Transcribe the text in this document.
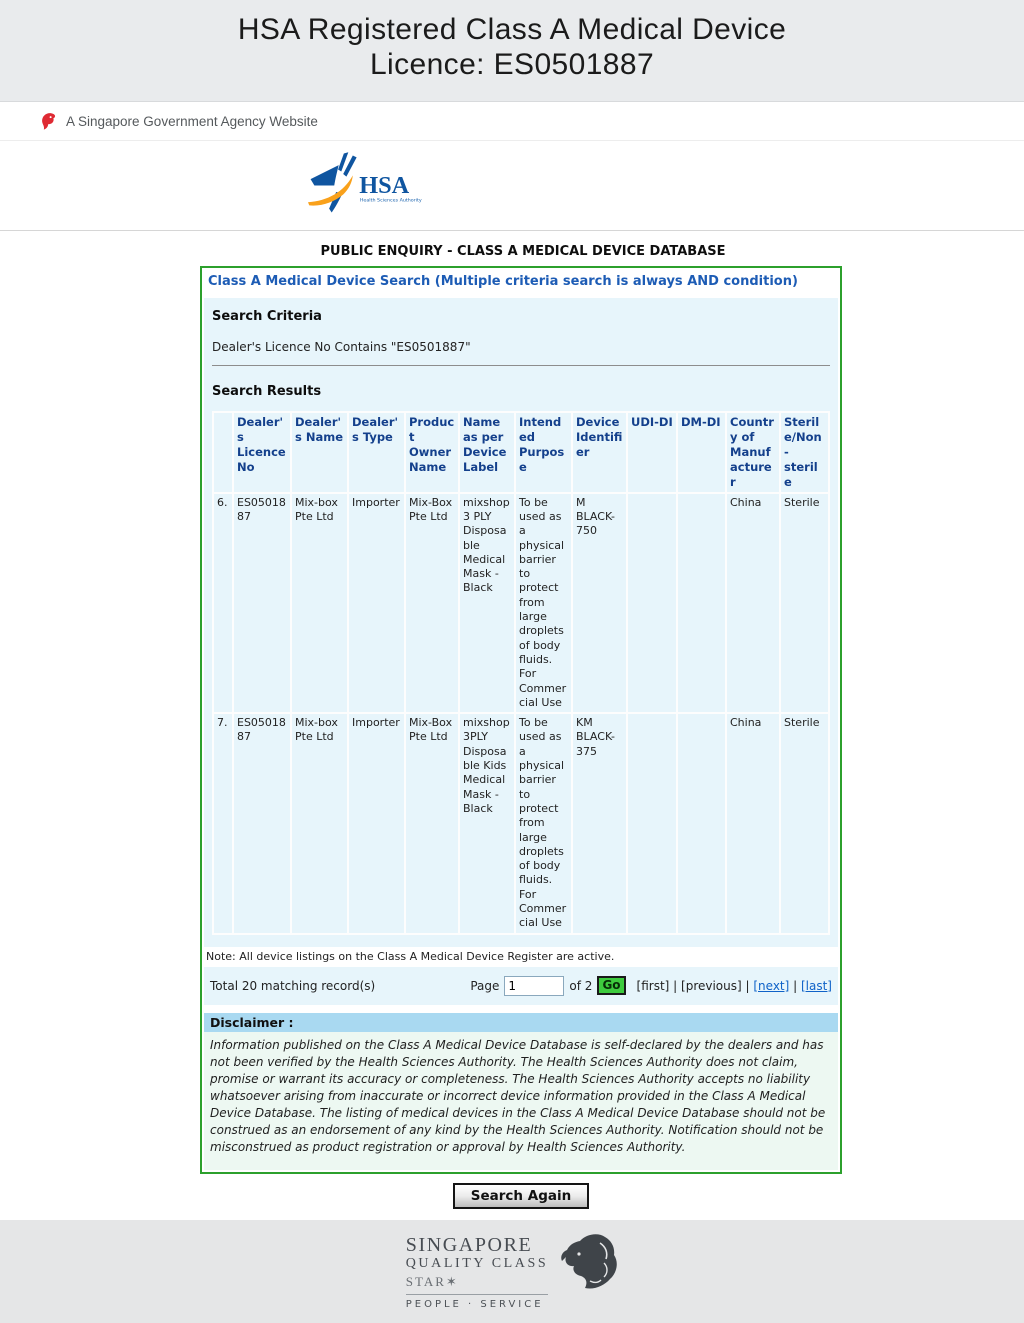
HSA Registered Class A Medical Device
Licence: ES0501887
A Singapore Government Agency Website
HSA
Health Sciences Authority
PUBLIC ENQUIRY - CLASS A MEDICAL DEVICE DATABASE
Class A Medical Device Search (Multiple criteria search is always AND condition)
Search Criteria
Dealer's Licence No Contains "ES0501887"
Search Results
	Dealer's Licence No	Dealer's Name	Dealer's Type	Product Owner Name	Name as per Device Label	Intended Purpose	Device Identifier	UDI-DI	DM-DI	Country of Manufacturer	Sterile/Non-sterile
6.	ES0501887	Mix-box Pte Ltd	Importer	Mix-Box Pte Ltd	mixshop 3 PLY Disposable Medical Mask - Black	To be used as a physical barrier to protect from large droplets of body fluids. For Commercial Use	M BLACK-750			China	Sterile
7.	ES0501887	Mix-box Pte Ltd	Importer	Mix-Box Pte Ltd	mixshop 3PLY Disposable Kids Medical Mask - Black	To be used as a physical barrier to protect from large droplets of body fluids. For Commercial Use	KM BLACK-375			China	Sterile
Note: All device listings on the Class A Medical Device Register are active.
Total 20 matching record(s)	Page
1	of 2 Go	[first] | [previous] | [next] | [last]
Disclaimer :
Information published on the Class A Medical Device Database is self-declared by the dealers and has not been verified by the Health Sciences Authority. The Health Sciences Authority does not claim, promise or warrant its accuracy or completeness. The Health Sciences Authority accepts no liability whatsoever arising from inaccurate or incorrect device information provided in the Class A Medical Device Database. The listing of medical devices in the Class A Medical Device Database should not be construed as an endorsement of any kind by the Health Sciences Authority. Notification should not be misconstrued as product registration or approval by Health Sciences Authority.
Search Again
SINGAPORE
QUALITY CLASS
STAR✶
PEOPLE · SERVICE
